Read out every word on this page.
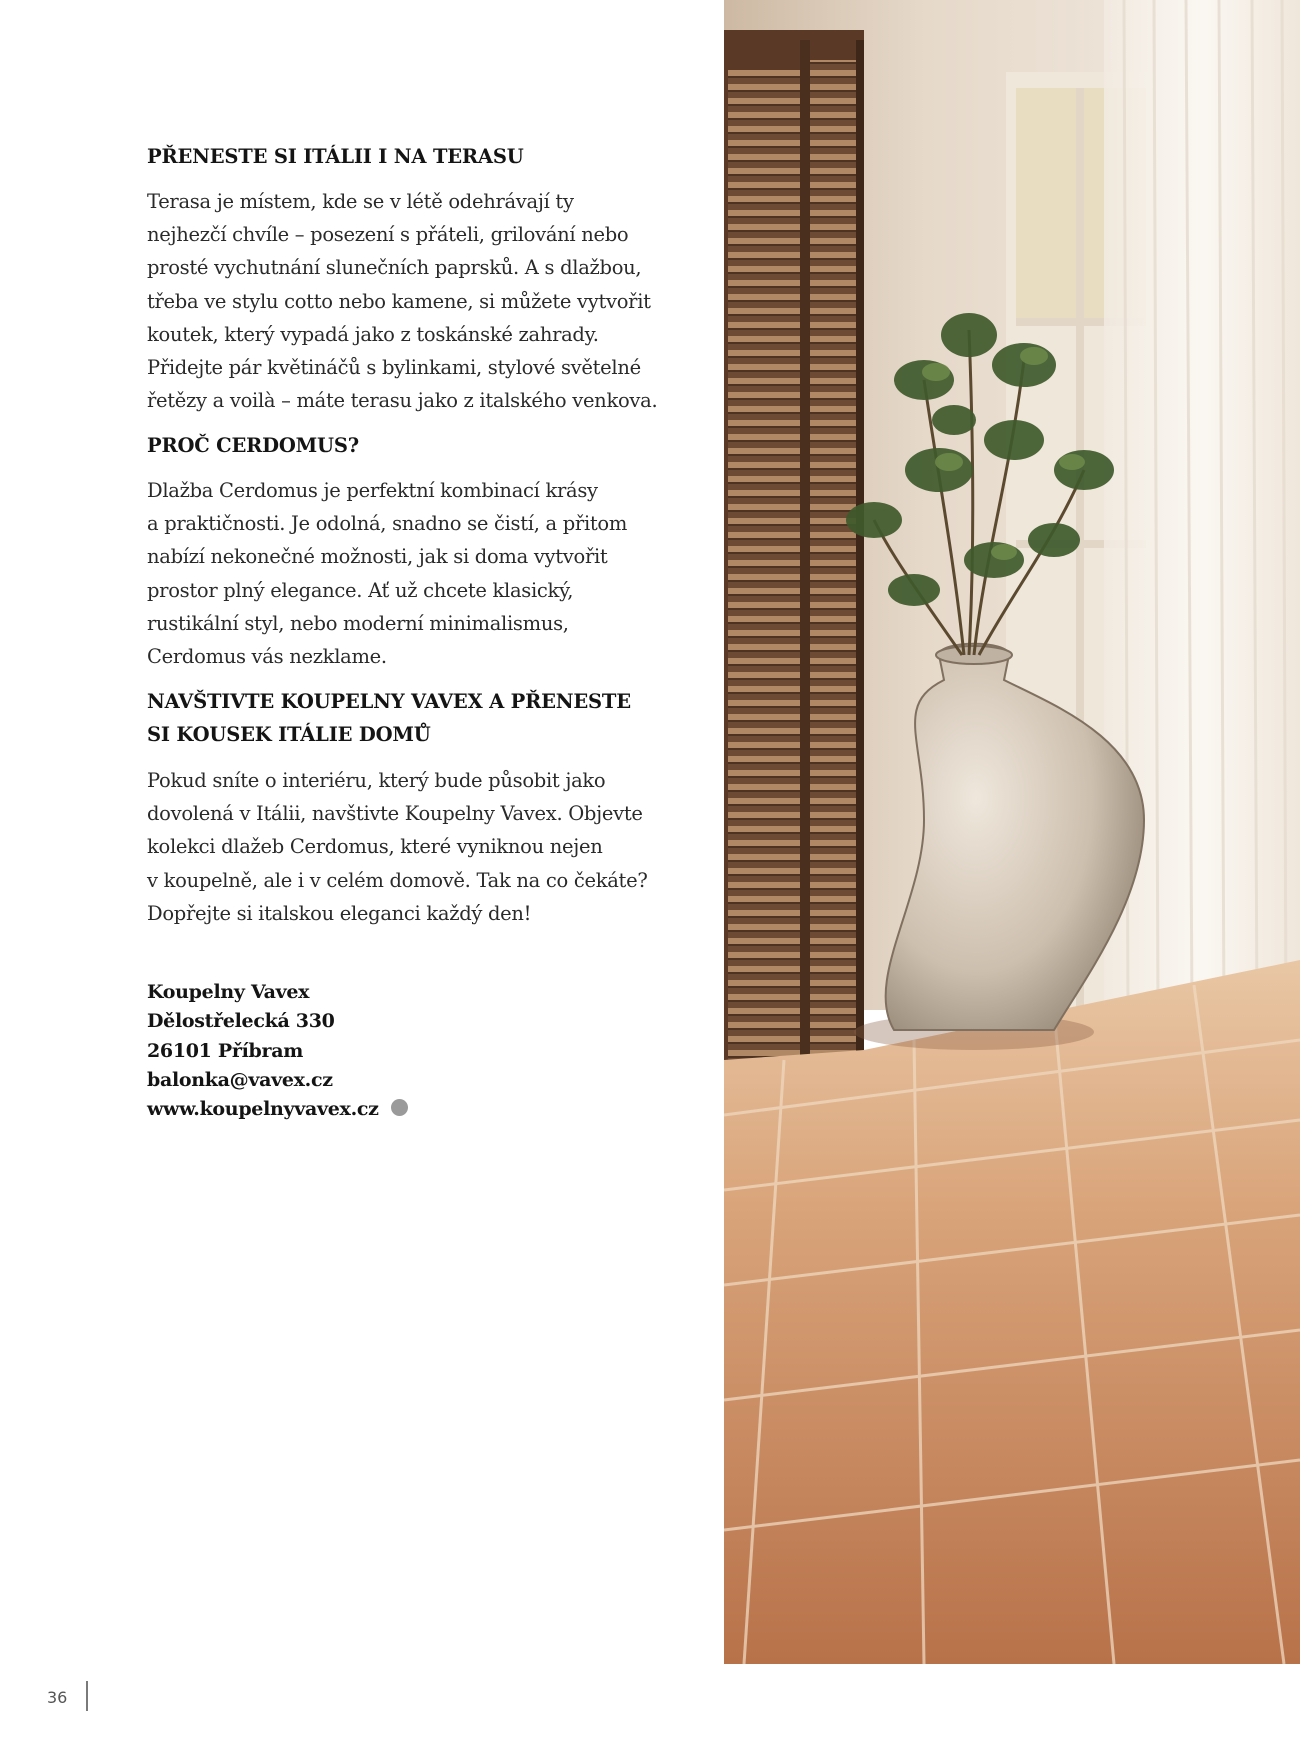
PŘENESTE SI ITÁLII I NA TERASU

Terasa je místem, kde se v létě odehrávají ty
nejhezčí chvíle – posezení s přáteli, grilování nebo
prosté vychutnání slunečních paprsků. A s dlažbou,
třeba ve stylu cotto nebo kamene, si můžete vytvořit
koutek, který vypadá jako z toskánské zahrady.
Přidejte pár květináčů s bylinkami, stylové světelné
řetězy a voilà – máte terasu jako z italského venkova.

PROČ CERDOMUS?

Dlažba Cerdomus je perfektní kombinací krásy
a praktičnosti. Je odolná, snadno se čistí, a přitom
nabízí nekonečné možnosti, jak si doma vytvořit
prostor plný elegance. Ať už chcete klasický,
rustikální styl, nebo moderní minimalismus,
Cerdomus vás nezklame.

NAVŠTIVTE KOUPELNY VAVEX A PŘENESTE
SI KOUSEK ITÁLIE DOMŮ

Pokud sníte o interiéru, který bude působit jako
dovolená v Itálii, navštivte Koupelny Vavex. Objevte
kolekci dlažeb Cerdomus, které vyniknou nejen
v koupelně, ale i v celém domově. Tak na co čekáte?
Dopřejte si italskou eleganci každý den!

Koupelny Vavex
Dělostřelecká 330
26101 Příbram
balonka@vavex.cz
www.koupelnyvavex.cz
36
